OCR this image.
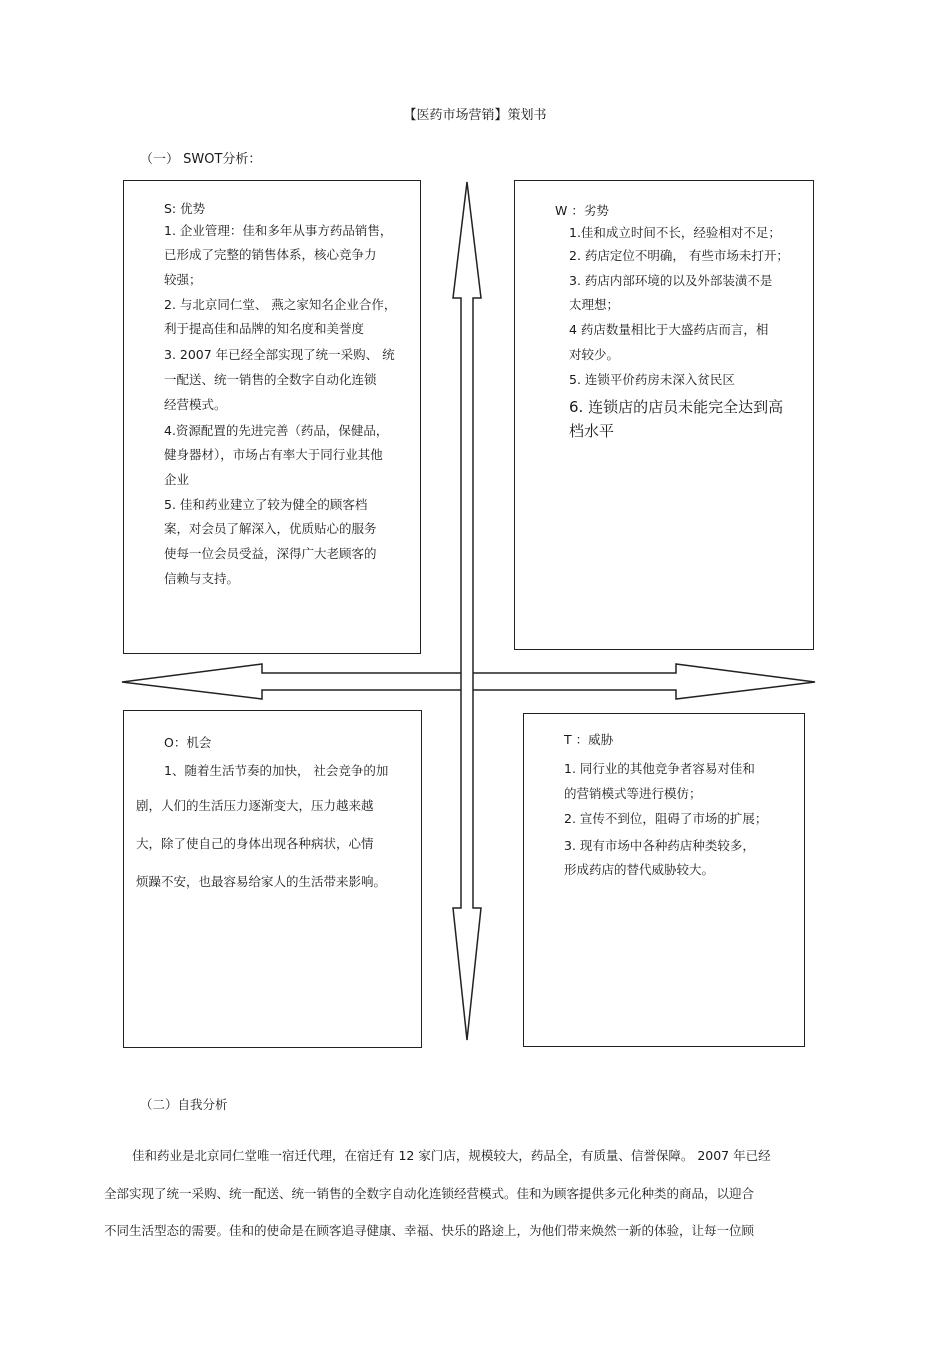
【医药市场营销】策划书
（一） SWOT分析：
S: 优势
1. 企业管理：佳和多年从事方药品销售，
已形成了完整的销售体系，核心竞争力
较强；
2. 与北京同仁堂、 燕之家知名企业合作，
利于提高佳和品牌的知名度和美誉度
3. 2007 年已经全部实现了统一采购、 统
一配送、统一销售的全数字自动化连锁
经营模式。
4.资源配置的先进完善（药品，保健品，
健身器材），市场占有率大于同行业其他
企业
5. 佳和药业建立了较为健全的顾客档
案，对会员了解深入，优质贴心的服务
使每一位会员受益，深得广大老顾客的
信赖与支持。
W ：劣势
1.佳和成立时间不长，经验相对不足；
2. 药店定位不明确， 有些市场未打开；
3. 药店内部环境的以及外部装潢不是
太理想；
4 药店数量相比于大盛药店而言，相
对较少。
5. 连锁平价药房未深入贫民区
6. 连锁店的店员未能完全达到高
档水平
O：机会
1、随着生活节奏的加快， 社会竞争的加
剧，人们的生活压力逐渐变大，压力越来越
大，除了使自己的身体出现各种病状，心情
烦躁不安，也最容易给家人的生活带来影响。
T ：威胁
1. 同行业的其他竞争者容易对佳和
的营销模式等进行模仿；
2. 宣传不到位，阻碍了市场的扩展；
3. 现有市场中各种药店种类较多，
形成药店的替代威胁较大。
（二）自我分析
佳和药业是北京同仁堂唯一宿迁代理，在宿迁有 12 家门店，规模较大，药品全，有质量、信誉保障。 2007 年已经
全部实现了统一采购、统一配送、统一销售的全数字自动化连锁经营模式。佳和为顾客提供多元化种类的商品，以迎合
不同生活型态的需要。佳和的使命是在顾客追寻健康、幸福、快乐的路途上，为他们带来焕然一新的体验，让每一位顾
